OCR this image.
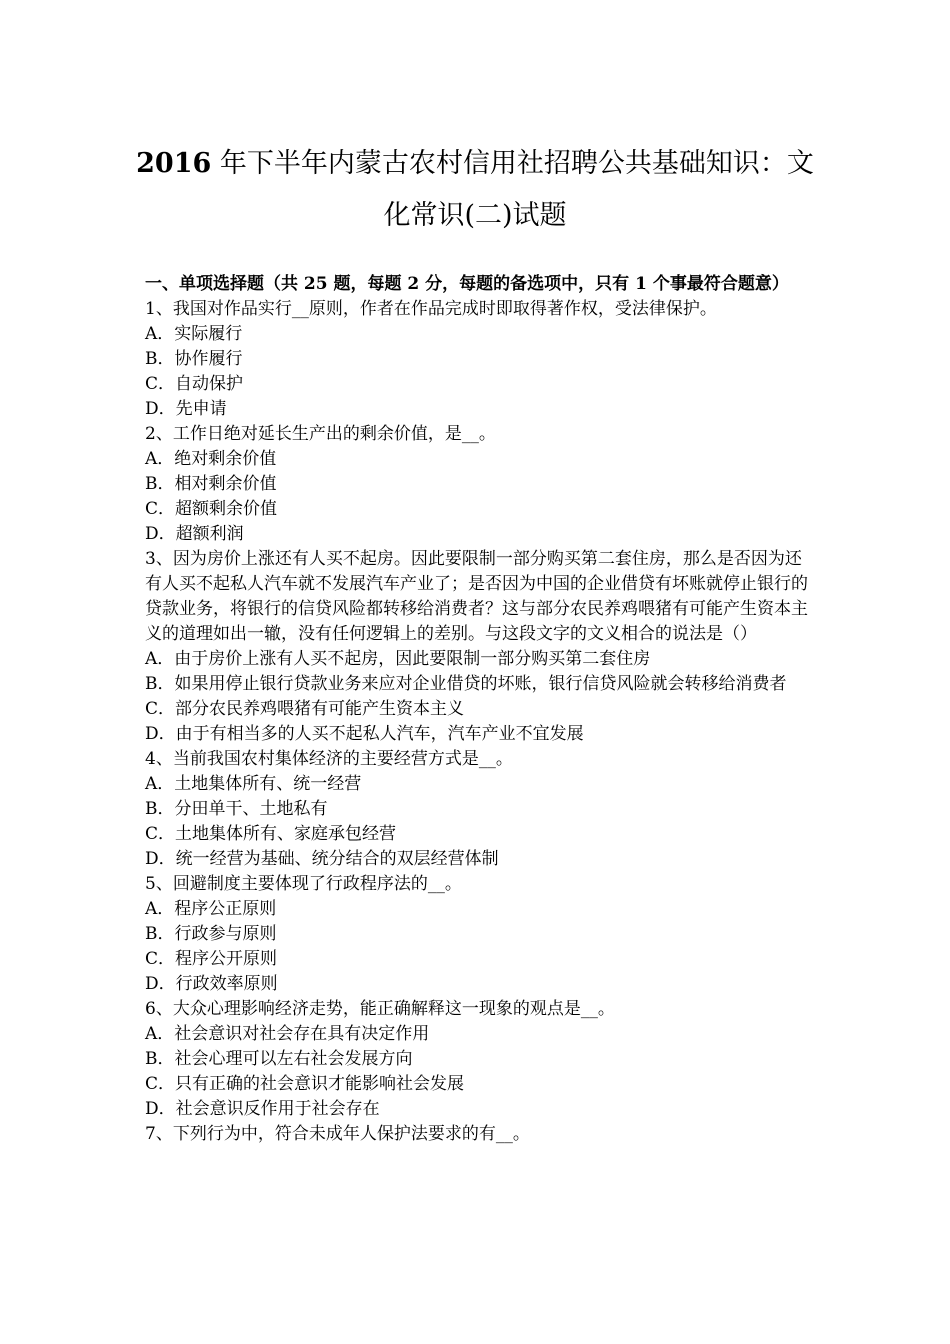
2016 年下半年内蒙古农村信用社招聘公共基础知识：文化常识(二)试题

一、单项选择题（共 25 题，每题 2 分，每题的备选项中，只有 1 个事最符合题意）

1、我国对作品实行__原则，作者在作品完成时即取得著作权，受法律保护。

A．实际履行

B．协作履行

C．自动保护

D．先申请

2、工作日绝对延长生产出的剩余价值，是__。

A．绝对剩余价值

B．相对剩余价值

C．超额剩余价值

D．超额利润

3、因为房价上涨还有人买不起房。因此要限制一部分购买第二套住房，那么是否因为还有人买不起私人汽车就不发展汽车产业了；是否因为中国的企业借贷有坏账就停止银行的贷款业务，将银行的信贷风险都转移给消费者？这与部分农民养鸡喂猪有可能产生资本主义的道理如出一辙，没有任何逻辑上的差别。与这段文字的文义相合的说法是（）

A．由于房价上涨有人买不起房，因此要限制一部分购买第二套住房

B．如果用停止银行贷款业务来应对企业借贷的坏账，银行信贷风险就会转移给消费者

C．部分农民养鸡喂猪有可能产生资本主义

D．由于有相当多的人买不起私人汽车，汽车产业不宜发展

4、当前我国农村集体经济的主要经营方式是__。

A．土地集体所有、统一经营

B．分田单干、土地私有

C．土地集体所有、家庭承包经营

D．统一经营为基础、统分结合的双层经营体制

5、回避制度主要体现了行政程序法的__。

A．程序公正原则

B．行政参与原则

C．程序公开原则

D．行政效率原则

6、大众心理影响经济走势，能正确解释这一现象的观点是__。

A．社会意识对社会存在具有决定作用

B．社会心理可以左右社会发展方向

C．只有正确的社会意识才能影响社会发展

D．社会意识反作用于社会存在

7、下列行为中，符合未成年人保护法要求的有__。
